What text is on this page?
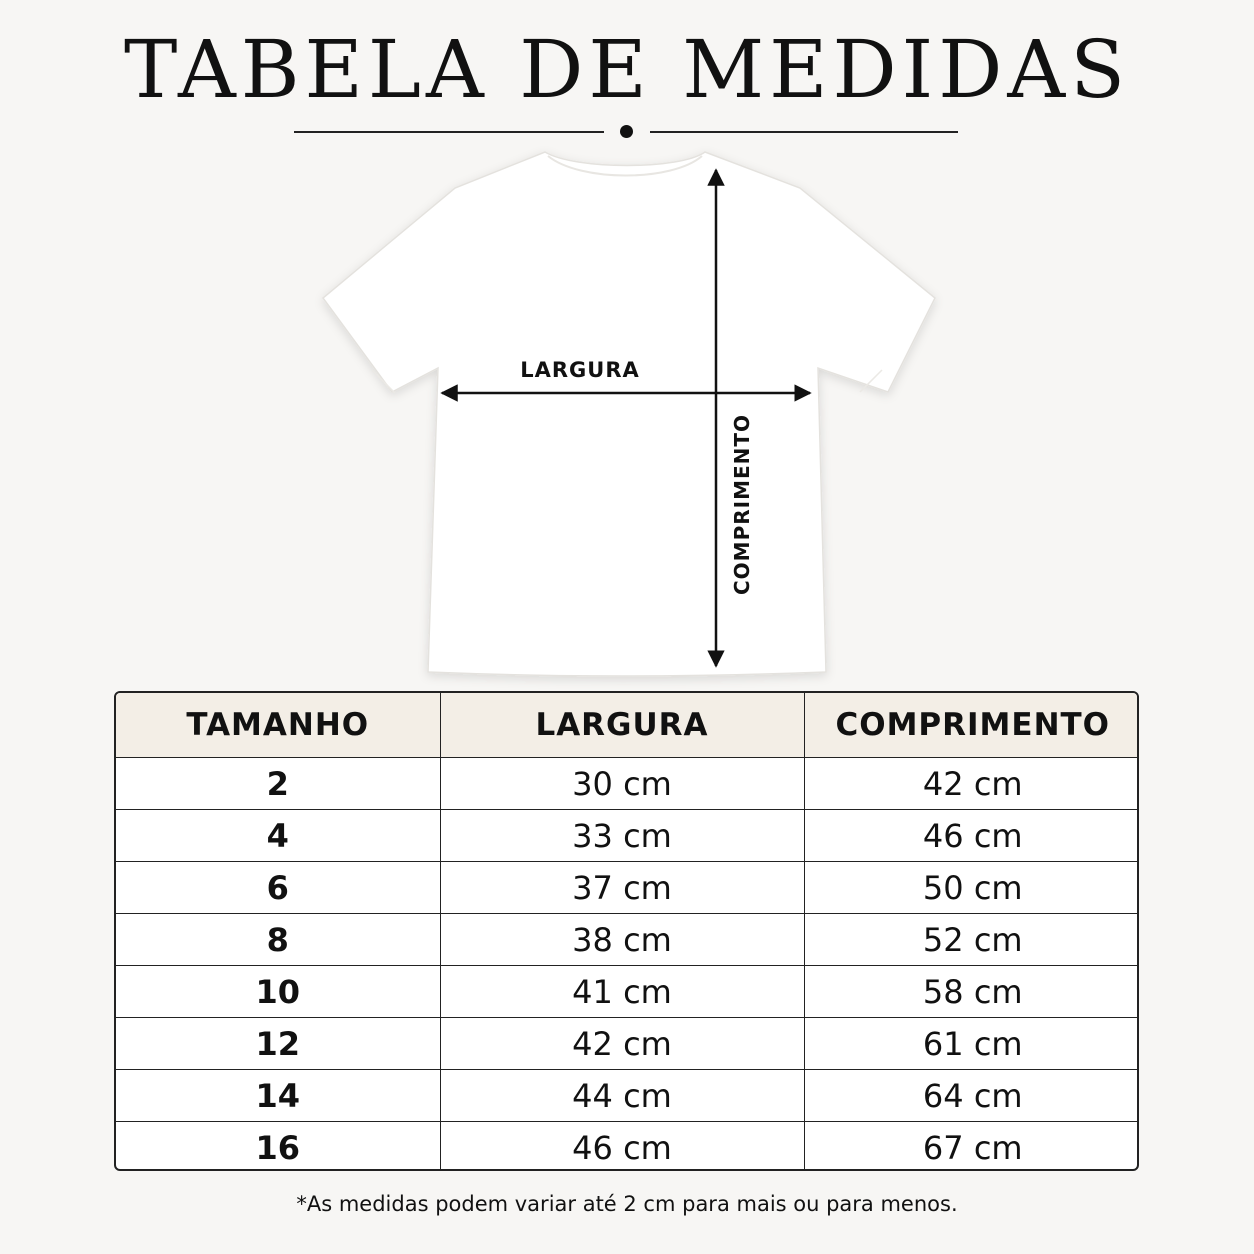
TABELA DE MEDIDAS
LARGURA
COMPRIMENTO
TAMANHO	LARGURA	COMPRIMENTO
2	30 cm	42 cm
4	33 cm	46 cm
6	37 cm	50 cm
8	38 cm	52 cm
10	41 cm	58 cm
12	42 cm	61 cm
14	44 cm	64 cm
16	46 cm	67 cm
*As medidas podem variar até 2 cm para mais ou para menos.
